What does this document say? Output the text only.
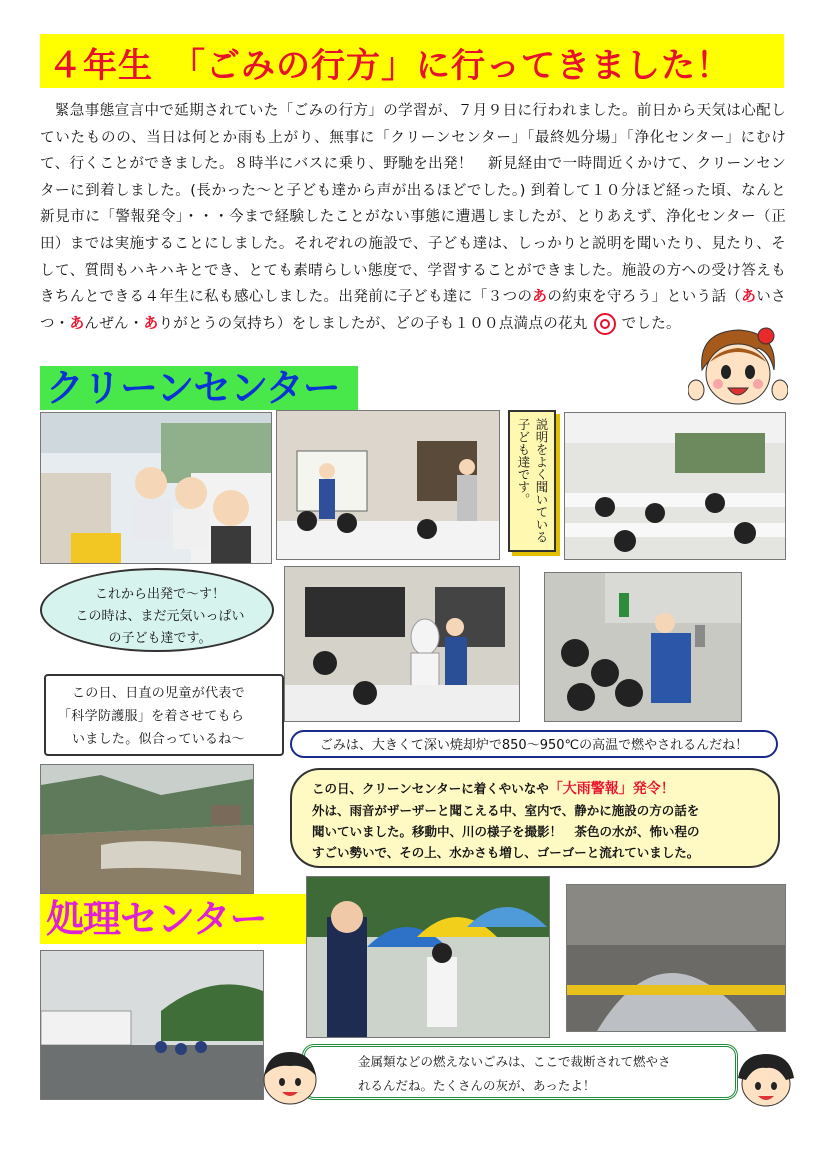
４年生　「ごみの行方」に行ってきました！
　緊急事態宣言中で延期されていた「ごみの行方」の学習が、７月９日に行われました。前日から天気は心配していたものの、当日は何とか雨も上がり、無事に「クリーンセンター」「最終処分場」「浄化センター」にむけて、行くことができました。８時半にバスに乗り、野馳を出発！　新見経由で一時間近くかけて、クリーンセンターに到着しました。(長かった～と子ども達から声が出るほどでした。) 到着して１０分ほど経った頃、なんと新見市に「警報発令」・・・今まで経験したことがない事態に遭遇しましたが、とりあえず、浄化センター（正田）までは実施することにしました。それぞれの施設で、子ども達は、しっかりと説明を聞いたり、見たり、そして、質問もハキハキとでき、とても素晴らしい態度で、学習することができました。施設の方への受け答えもきちんとできる４年生に私も感心しました。出発前に子ども達に「３つのあの約束を守ろう」という話（あいさつ・あんぜん・ありがとうの気持ち）をしましたが、どの子も１００点満点の花丸 でした。
クリーンセンター
説明をよく聞いている子ども達です。
これから出発で～す！
この時は、まだ元気いっぱい
の子ども達です。
この日、日直の児童が代表で
「科学防護服」を着させてもら
いました。似合っているね～	ごみは、大きくて深い焼却炉で850～950℃の高温で燃やされるんだね！
この日、クリーンセンターに着くやいなや「大雨警報」発令！
外は、雨音がザーザーと聞こえる中、室内で、静かに施設の方の話を
聞いていました。移動中、川の様子を撮影！　茶色の水が、怖い程の
すごい勢いで、その上、水かさも増し、ゴーゴーと流れていました。
処理センター
金属類などの燃えないごみは、ここで裁断されて燃やさ
れるんだね。たくさんの灰が、あったよ！
